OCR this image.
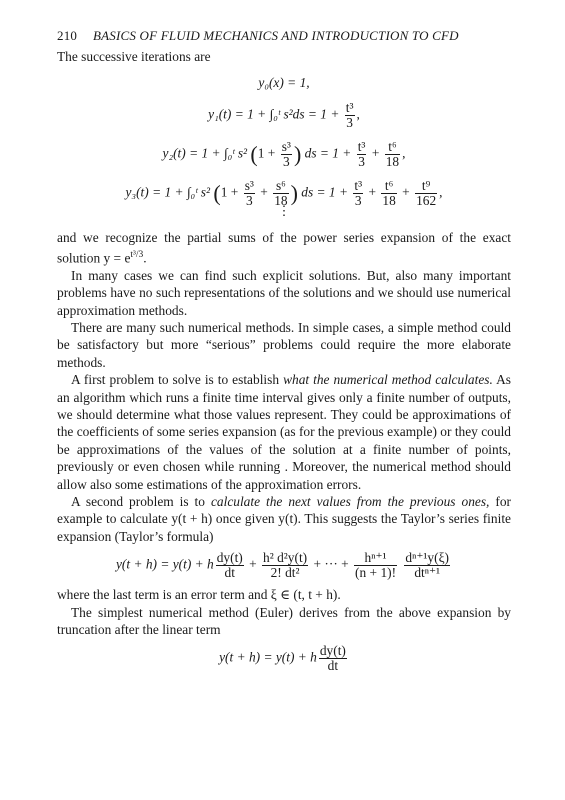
210 BASICS OF FLUID MECHANICS AND INTRODUCTION TO CFD

The successive iterations are

y₀(x) = 1,
y₁(t) = 1 + ∫₀ᵗ $s^2ds = 1 + \frac{\text{t³}}{3}$ ,
y₂(t) = 1 + ∫₀ᵗ s² ($1 + \frac{\text{s³}}{3}$ ) ds = $1 + \frac{\text{t³}}{3} + \frac{\text{t⁶}}{18}$ ,
y₃(t) = 1 + ∫₀ᵗ s² ($1 + \frac{\text{s³}}{3} + \frac{\text{s⁶}}{18}$ ) ds = $1 + \frac{\text{t³}}{3} + \frac{\text{t⁶}}{18} + \frac{\text{t⁹}}{162}$ ,
⋮

and we recognize the partial sums of the power series expansion of the exact solution $y = e^{t^3/3}$.

In many cases we can find such explicit solutions. But, also many important problems have no such representations of the solutions and we should use numerical approximation methods.

There are many such numerical methods. In simple cases, a simple method could be satisfactory but more “serious” problems could require the more elaborate methods.

A first problem to solve is to establish what the numerical method calculates. As an algorithm which runs a finite time interval gives only a finite number of outputs, we should determine what those values represent. They could be approximations of the coefficients of some series expansion (as for the previous example) or they could be approximations of the values of the solution at a finite number of points, previously or even chosen while running . Moreover, the numerical method should allow also some estimations of the approximation errors.

A second problem is to calculate the next values from the previous ones, for example to calculate y(t + h) once given y(t). This suggests the Taylor’s series finite expansion (Taylor’s formula)

y(t + h) = y(t) + h $\frac{dy(t)}{dt} + \frac{\text{h² d²y(t)}}{\text{2! dt²}}$ + ··· + $\frac{\text{hⁿ⁺¹}}{(n + 1)!}$
$\frac{\text{dⁿ⁺¹y(ξ)}}{\text{dtⁿ⁺¹}}$

where the last term is an error term and ξ ∈ (t, t + h).

The simplest numerical method (Euler) derives from the above expansion by truncation after the linear term

y(t + h) = y(t) + h $\frac{dy(t)}{dt}$
